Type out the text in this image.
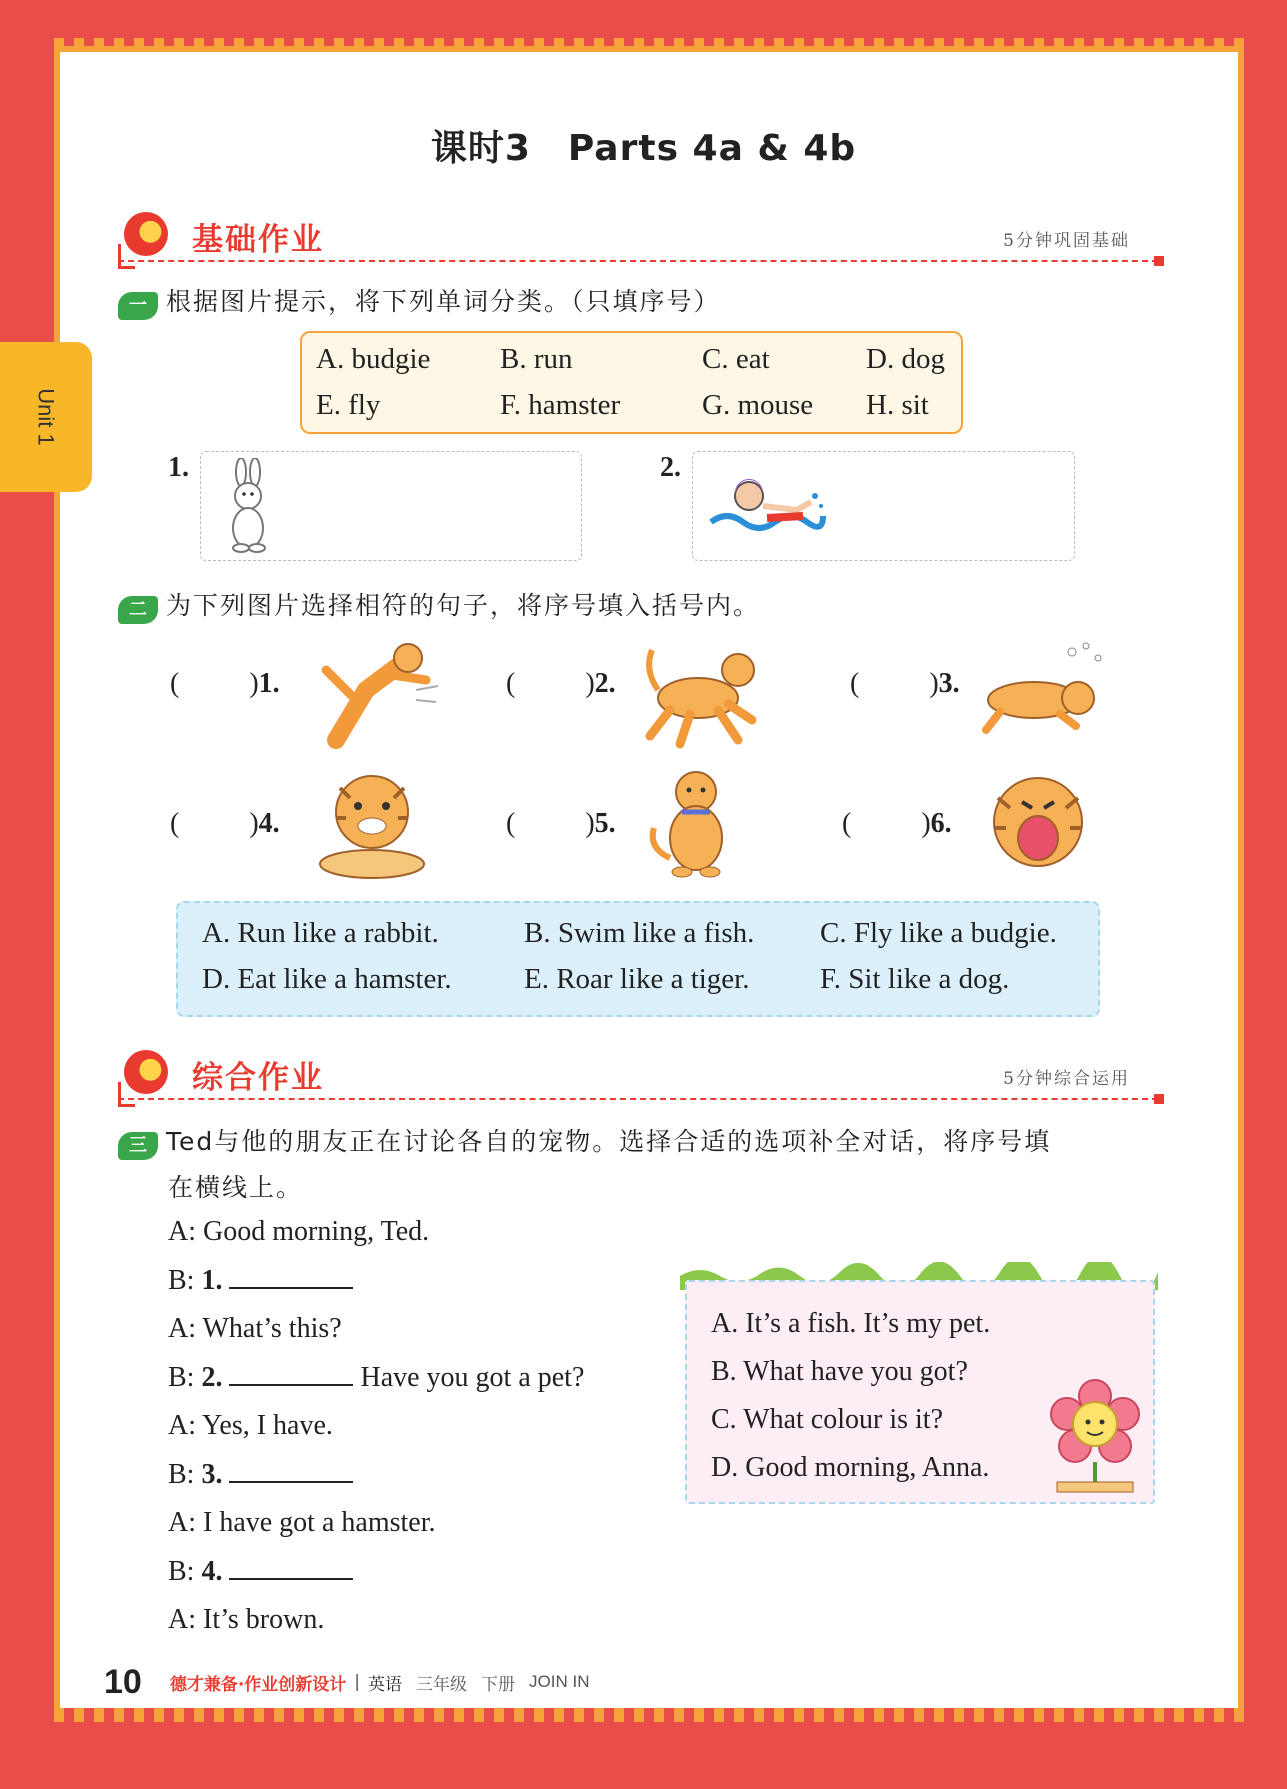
Unit 1
课时3　Parts 4a & 4b
基础作业	5分钟巩固基础
一 根据图片提示，将下列单词分类。（只填序号）
A. budgie B. run	C. eat	D. dog
E. fly	F. hamster	G. mouse H. sit
1.	2.
二 为下列图片选择相符的句子，将序号填入括号内。
(	)1.	(	)2.	(	)3.
(	)4.	(	)5.	(	)6.
A. Run like a rabbit.	B. Swim like a fish. C. Fly like a budgie.
D. Eat like a hamster. E. Roar like a tiger. F. Sit like a dog.
综合作业	5分钟综合运用
三 Ted与他的朋友正在讨论各自的宠物。选择合适的选项补全对话，将序号填
在横线上。
A: Good morning, Ted.
B: 1.
A: What’s this?
B: 2.	Have you got a pet?
A: Yes, I have.
B: 3.
A: I have got a hamster.
B: 4.
A: It’s brown.
A. It’s a fish. It’s my pet.
B. What have you got?
C. What colour is it?
D. Good morning, Anna.
10 德才兼备·作业创新设计 | 英语 三年级 下册 JOIN IN
